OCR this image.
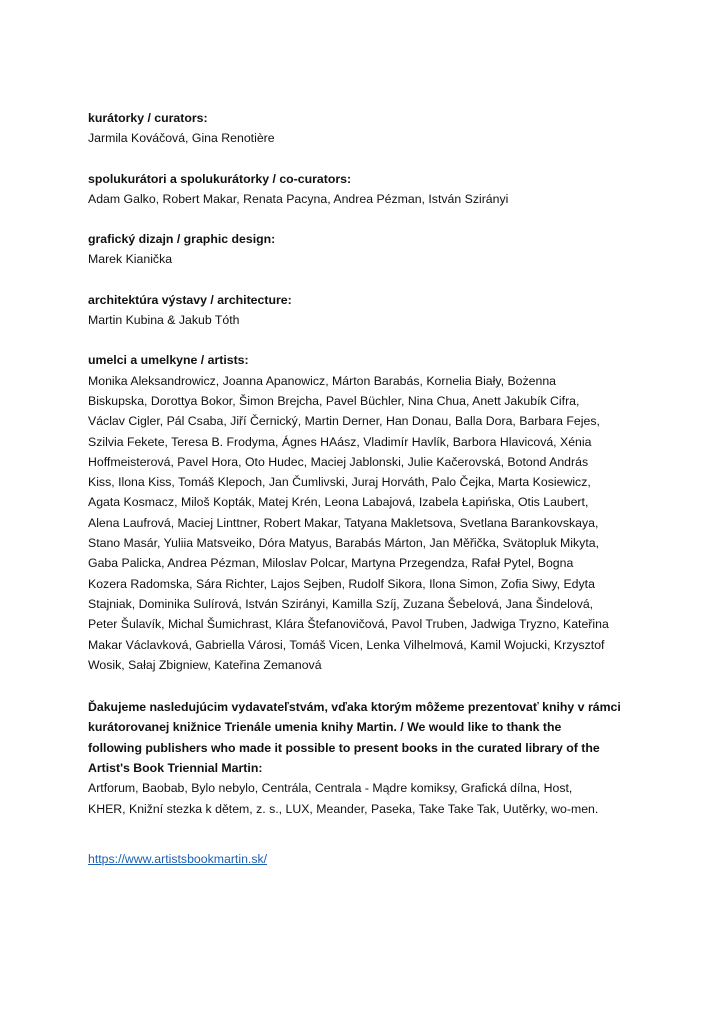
kurátorky / curators:
Jarmila Kováčová, Gina Renotière
spolukurátori a spolukurátorky / co-curators:
Adam Galko, Robert Makar, Renata Pacyna, Andrea Pézman, István Szirányi
grafický dizajn / graphic design:
Marek Kianička
architektúra výstavy / architecture:
Martin Kubina & Jakub Tóth
umelci a umelkyne / artists:
Monika Aleksandrowicz, Joanna Apanowicz, Márton Barabás, Kornelia Biały, Bożenna
Biskupska, Dorottya Bokor, Šimon Brejcha, Pavel Büchler, Nina Chua, Anett Jakubík Cifra,
Václav Cigler, Pál Csaba, Jiří Černický, Martin Derner, Han Donau, Balla Dora, Barbara Fejes,
Szilvia Fekete, Teresa B. Frodyma, Ágnes HAász, Vladimír Havlík, Barbora Hlavicová, Xénia
Hoffmeisterová, Pavel Hora, Oto Hudec, Maciej Jablonski, Julie Kačerovská, Botond András
Kiss, Ilona Kiss, Tomáš Klepoch, Jan Čumlivski, Juraj Horváth, Palo Čejka, Marta Kosiewicz,
Agata Kosmacz, Miloš Kopták, Matej Krén, Leona Labajová, Izabela Łapińska, Otis Laubert,
Alena Laufrová, Maciej Linttner, Robert Makar, Tatyana Makletsova, Svetlana Barankovskaya,
Stano Masár, Yuliia Matsveiko, Dóra Matyus, Barabás Márton, Jan Měřička, Svätopluk Mikyta,
Gaba Palicka, Andrea Pézman, Miloslav Polcar, Martyna Przegendza, Rafał Pytel, Bogna
Kozera Radomska, Sára Richter, Lajos Sejben, Rudolf Sikora, Ilona Simon, Zofia Siwy, Edyta
Stajniak, Dominika Sulírová, István Szirányi, Kamilla Szíj, Zuzana Šebelová, Jana Šindelová,
Peter Šulavík, Michal Šumichrast, Klára Štefanovičová, Pavol Truben, Jadwiga Tryzno, Kateřina
Makar Václavková, Gabriella Városi, Tomáš Vicen, Lenka Vilhelmová, Kamil Wojucki, Krzysztof
Wosik, Sałaj Zbigniew, Kateřina Zemanová
Ďakujeme nasledujúcim vydavateľstvám, vďaka ktorým môžeme prezentovať knihy v rámci
kurátorovanej knižnice Trienále umenia knihy Martin. / We would like to thank the
following publishers who made it possible to present books in the curated library of the
Artist's Book Triennial Martin:
Artforum, Baobab, Bylo nebylo, Centrála, Centrala - Mądre komiksy, Grafická dílna, Host,
KHER, Knižní stezka k dětem, z. s., LUX, Meander, Paseka, Take Take Tak, Uutěrky, wo-men.
https://www.artistsbookmartin.sk/
